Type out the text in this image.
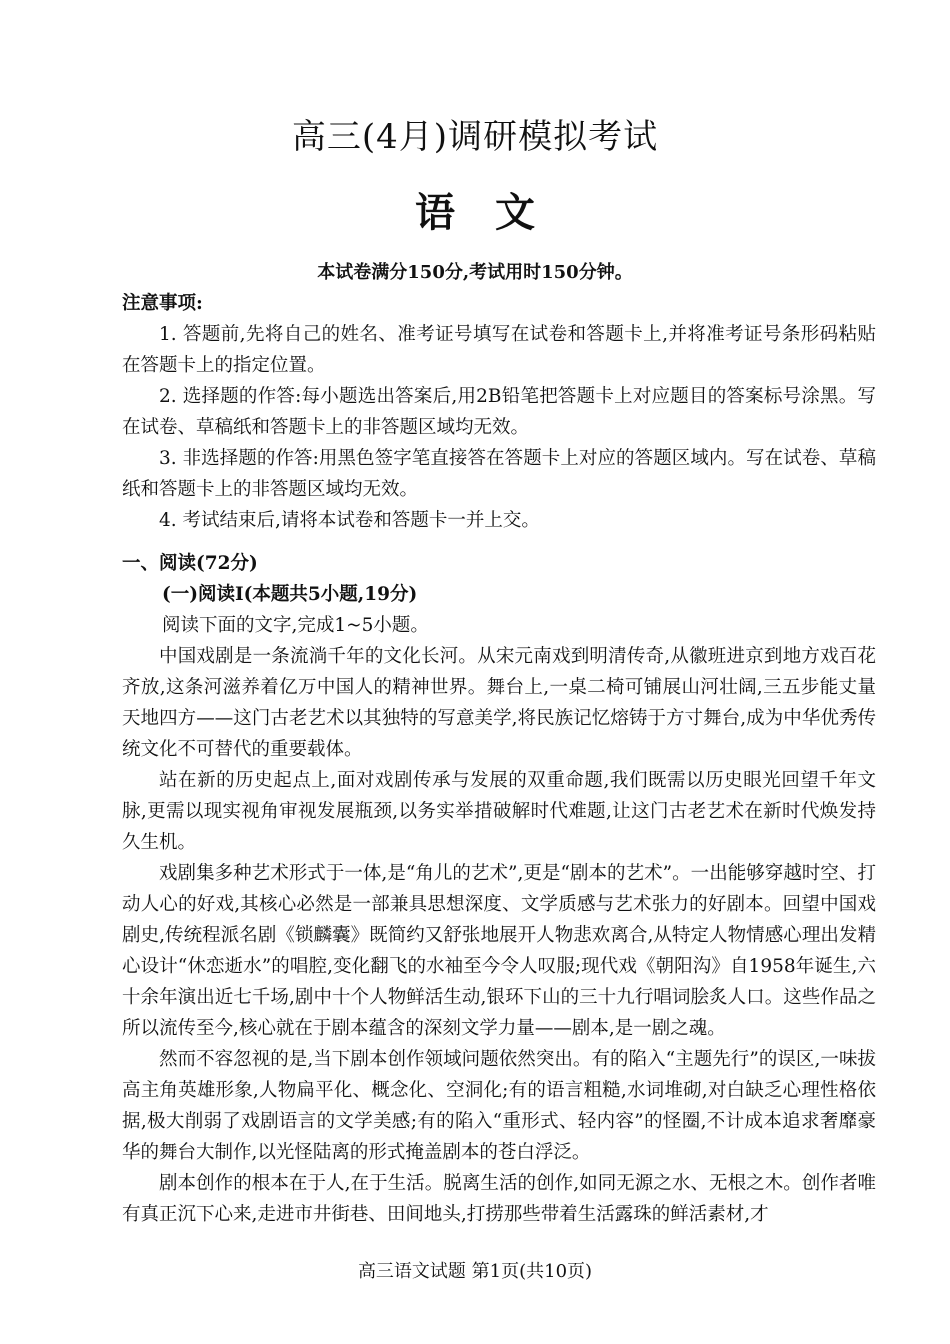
高三(4月)调研模拟考试
语文
本试卷满分150分,考试用时150分钟。

注意事项:

1. 答题前,先将自己的姓名、准考证号填写在试卷和答题卡上,并将准考证号条形码粘贴在答题卡上的指定位置。

2. 选择题的作答:每小题选出答案后,用2B铅笔把答题卡上对应题目的答案标号涂黑。写在试卷、草稿纸和答题卡上的非答题区域均无效。

3. 非选择题的作答:用黑色签字笔直接答在答题卡上对应的答题区域内。写在试卷、草稿纸和答题卡上的非答题区域均无效。

4. 考试结束后,请将本试卷和答题卡一并上交。

一、阅读(72分)

(一)阅读Ⅰ(本题共5小题,19分)

阅读下面的文字,完成1~5小题。

中国戏剧是一条流淌千年的文化长河。从宋元南戏到明清传奇,从徽班进京到地方戏百花齐放,这条河滋养着亿万中国人的精神世界。舞台上,一桌二椅可铺展山河壮阔,三五步能丈量天地四方——这门古老艺术以其独特的写意美学,将民族记忆熔铸于方寸舞台,成为中华优秀传统文化不可替代的重要载体。

站在新的历史起点上,面对戏剧传承与发展的双重命题,我们既需以历史眼光回望千年文脉,更需以现实视角审视发展瓶颈,以务实举措破解时代难题,让这门古老艺术在新时代焕发持久生机。

戏剧集多种艺术形式于一体,是“角儿的艺术”,更是“剧本的艺术”。一出能够穿越时空、打动人心的好戏,其核心必然是一部兼具思想深度、文学质感与艺术张力的好剧本。回望中国戏剧史,传统程派名剧《锁麟囊》既简约又舒张地展开人物悲欢离合,从特定人物情感心理出发精心设计“休恋逝水”的唱腔,变化翻飞的水袖至今令人叹服;现代戏《朝阳沟》自1958年诞生,六十余年演出近七千场,剧中十个人物鲜活生动,银环下山的三十九行唱词脍炙人口。这些作品之所以流传至今,核心就在于剧本蕴含的深刻文学力量——剧本,是一剧之魂。

然而不容忽视的是,当下剧本创作领域问题依然突出。有的陷入“主题先行”的误区,一味拔高主角英雄形象,人物扁平化、概念化、空洞化;有的语言粗糙,水词堆砌,对白缺乏心理性格依据,极大削弱了戏剧语言的文学美感;有的陷入“重形式、轻内容”的怪圈,不计成本追求奢靡豪华的舞台大制作,以光怪陆离的形式掩盖剧本的苍白浮泛。

剧本创作的根本在于人,在于生活。脱离生活的创作,如同无源之水、无根之木。创作者唯有真正沉下心来,走进市井街巷、田间地头,打捞那些带着生活露珠的鲜活素材,才

高三语文试题 第1页(共10页)
